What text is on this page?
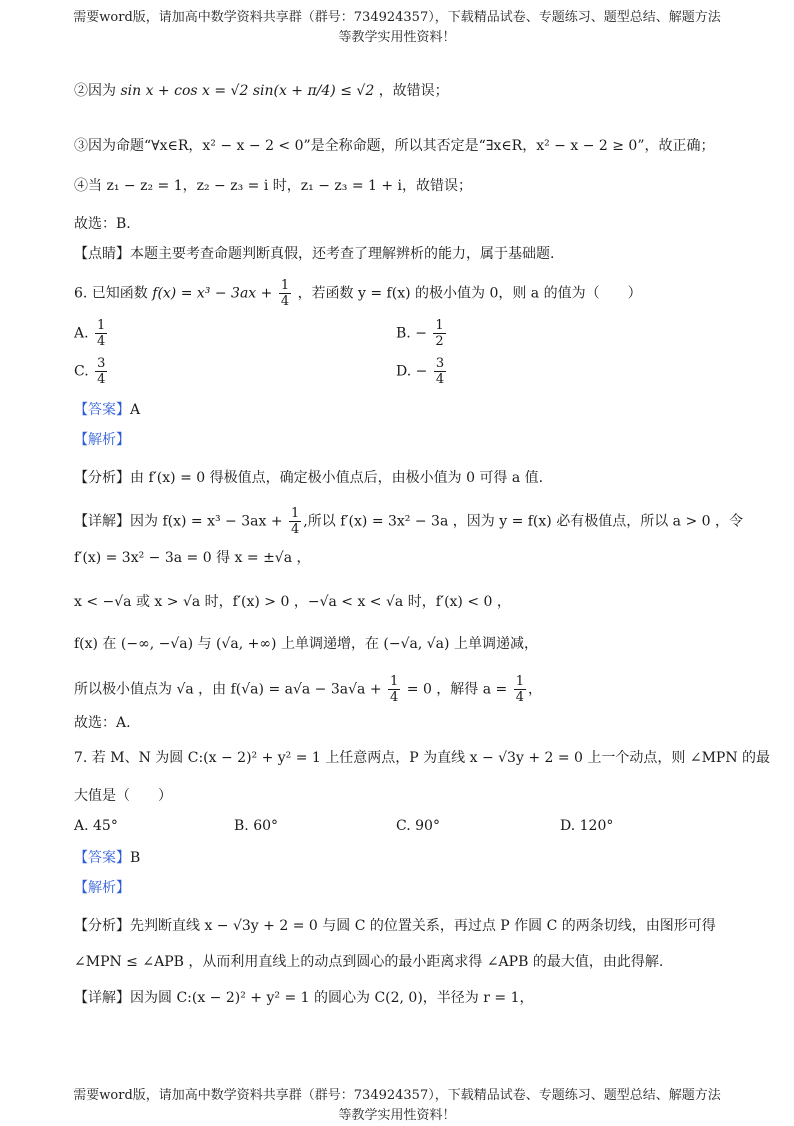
需要word版，请加高中数学资料共享群（群号：734924357），下载精品试卷、专题练习、题型总结、解题方法
等教学实用性资料！
②因为 sin x + cos x = √2 sin(x + π/4) ≤ √2 ，故错误；
③因为命题“∀x∈R，x² − x − 2 < 0”是全称命题，所以其否定是“∃x∈R，x² − x − 2 ≥ 0”，故正确；
④当 z₁ − z₂ = 1，z₂ − z₃ = i 时，z₁ − z₃ = 1 + i，故错误；
故选：B.
【点睛】本题主要考查命题判断真假，还考查了理解辨析的能力，属于基础题.
6. 已知函数 $f(x) = x^3 - 3ax + \frac{1}{4}$ ，若函数 y = f(x) 的极小值为 0，则 a 的值为（　　）
A. $\frac{1}{4}$	B. − $\frac{1}{2}$
C. $\frac{3}{4}$	D. − $\frac{3}{4}$
【答案】A
【解析】
【分析】由 f′(x) = 0 得极值点，确定极小值点后，由极小值为 0 可得 a 值.
【详解】因为 $f(x) = x^3 - 3ax + \frac{1}{4}$ ,所以 f′(x) = 3x² − 3a ，因为 y = f(x) 必有极值点，所以 a > 0 ，令
f′(x) = 3x² − 3a = 0 得 x = ±√a ，
x < −√a 或 x > √a 时，f′(x) > 0 ，−√a < x < √a 时，f′(x) < 0 ，
f(x) 在 (−∞, −√a) 与 (√a, +∞) 上单调递增，在 (−√a, √a) 上单调递减，
所以极小值点为 √a ，由 $f(√a) = a√a - 3a√a + \frac{1}{4} = 0$ ，解得 $a = \frac{1}{4}$ ，
故选：A.
7. 若 M、N 为圆 C:(x − 2)² + y² = 1 上任意两点，P 为直线 x − √3y + 2 = 0 上一个动点，则 ∠MPN 的最
大值是（　　）
A. 45°	B. 60°	C. 90°	D. 120°
【答案】B
【解析】
【分析】先判断直线 x − √3y + 2 = 0 与圆 C 的位置关系，再过点 P 作圆 C 的两条切线，由图形可得
∠MPN ≤ ∠APB ，从而利用直线上的动点到圆心的最小距离求得 ∠APB 的最大值，由此得解.
【详解】因为圆 C:(x − 2)² + y² = 1 的圆心为 C(2, 0)，半径为 r = 1，
需要word版，请加高中数学资料共享群（群号：734924357），下载精品试卷、专题练习、题型总结、解题方法
等教学实用性资料！
